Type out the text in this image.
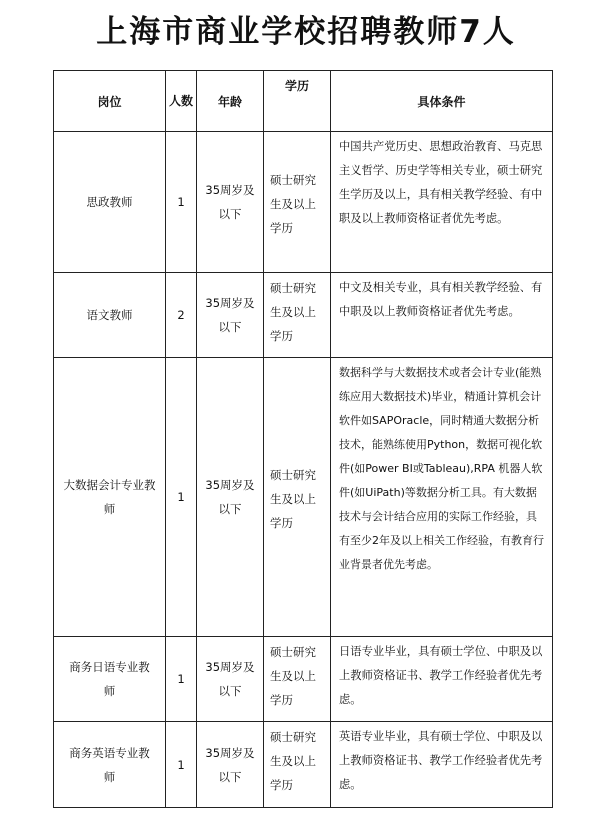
上海市商业学校招聘教师7人
岗位	人数	年龄	学历	具体条件
思政教师	1	35周岁及以下	硕士研究生及以上学历	中国共产党历史、思想政治教育、马克思主义哲学、历史学等相关专业，硕士研究生学历及以上，具有相关教学经验、有中职及以上教师资格证者优先考虑。
语文教师	2	35周岁及以下	硕士研究生及以上学历	中文及相关专业，具有相关教学经验、有中职及以上教师资格证者优先考虑。
大数据会计专业教师	1	35周岁及以下	硕士研究生及以上学历	数据科学与大数据技术或者会计专业(能熟练应用大数据技术)毕业，精通计算机会计软件如SAPOracle，同时精通大数据分析技术，能熟练使用Python，数据可视化软件(如Power BI或Tableau),RPA 机器人软件(如UiPath)等数据分析工具。有大数据技术与会计结合应用的实际工作经验，具有至少2年及以上相关工作经验，有教育行业背景者优先考虑。
商务日语专业教师	1	35周岁及以下	硕士研究生及以上学历	日语专业毕业，具有硕士学位、中职及以上教师资格证书、教学工作经验者优先考虑。
商务英语专业教师	1	35周岁及以下	硕士研究生及以上学历	英语专业毕业，具有硕士学位、中职及以上教师资格证书、教学工作经验者优先考虑。
